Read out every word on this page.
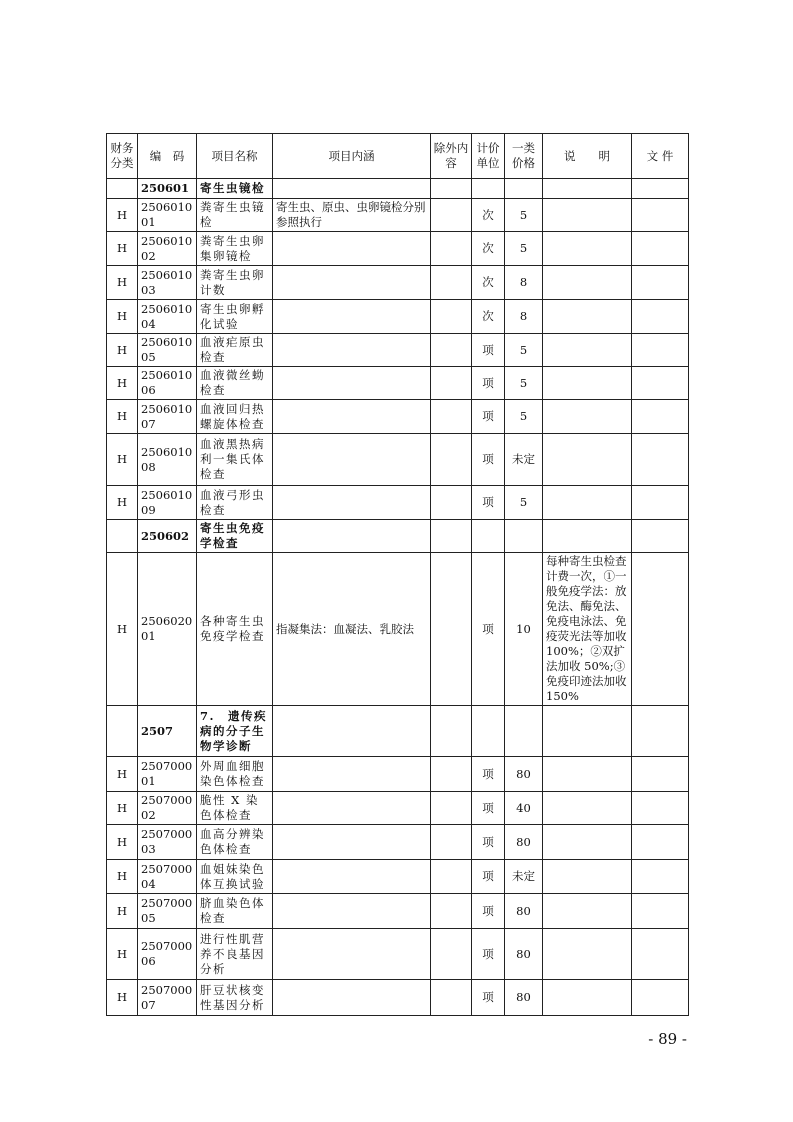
财务分类	编　码	项目名称	项目内涵	除外内容	计价单位	一类价格	说　　明	文 件
	250601	寄生虫镜检						
H	250601001	粪寄生虫镜检	寄生虫、原虫、虫卵镜检分别参照执行		次	5		
H	250601002	粪寄生虫卵集卵镜检			次	5		
H	250601003	粪寄生虫卵计数			次	8		
H	250601004	寄生虫卵孵化试验			次	8		
H	250601005	血液疟原虫检查			项	5		
H	250601006	血液微丝蚴检查			项	5		
H	250601007	血液回归热螺旋体检查			项	5		
H	250601008	血液黑热病利一集氏体检查			项	未定		
H	250601009	血液弓形虫检查			项	5		
	250602	寄生虫免疫学检查						
H	250602001	各种寄生虫免疫学检查	指凝集法：血凝法、乳胶法		项	10	每种寄生虫检查计费一次，①一般免疫学法：放免法、酶免法、免疫电泳法、免疫荧光法等加收100%；②双扩法加收 50%;③免疫印迹法加收 150%	
	2507	7.　遗传疾病的分子生物学诊断						
H	250700001	外周血细胞染色体检查			项	80		
H	250700002	脆性 X 染色体检查			项	40		
H	250700003	血高分辨染色体检查			项	80		
H	250700004	血姐妹染色体互换试验			项	未定		
H	250700005	脐血染色体检查			项	80		
H	250700006	进行性肌营养不良基因分析			项	80		
H	250700007	肝豆状核变性基因分析			项	80		
- 89 -
